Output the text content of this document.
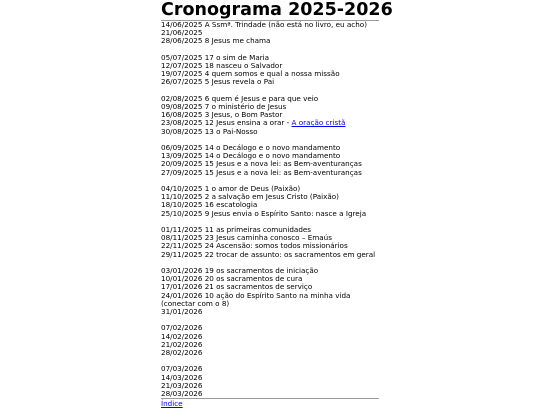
Cronograma 2025-2026
14/06/2025 A Ssmª. Trindade (não está no livro, eu acho)
21/06/2025
28/06/2025 8 Jesus me chama
05/07/2025 17 o sim de Maria
12/07/2025 18 nasceu o Salvador
19/07/2025 4 quem somos e qual a nossa missão
26/07/2025 5 Jesus revela o Pai
02/08/2025 6 quem é Jesus e para que veio
09/08/2025 7 o ministério de Jesus
16/08/2025 3 Jesus, o Bom Pastor
23/08/2025 12 Jesus ensina a orar - A oração cristã
30/08/2025 13 o Pai-Nosso
06/09/2025 14 o Decálogo e o novo mandamento
13/09/2025 14 o Decálogo e o novo mandamento
20/09/2025 15 Jesus e a nova lei: as Bem-aventuranças
27/09/2025 15 Jesus e a nova lei: as Bem-aventuranças
04/10/2025 1 o amor de Deus (Paixão)
11/10/2025 2 a salvação em Jesus Cristo (Paixão)
18/10/2025 16 escatologia
25/10/2025 9 Jesus envia o Espírito Santo: nasce a Igreja
01/11/2025 11 as primeiras comunidades
08/11/2025 23 Jesus caminha conosco – Emaús
22/11/2025 24 Ascensão: somos todos missionários
29/11/2025 22 trocar de assunto: os sacramentos em geral
03/01/2026 19 os sacramentos de iniciação
10/01/2026 20 os sacramentos de cura
17/01/2026 21 os sacramentos de serviço
24/01/2026 10 ação do Espírito Santo na minha vida (conectar com o 8)
31/01/2026
07/02/2026
14/02/2026
21/02/2026
28/02/2026
07/03/2026
14/03/2026
21/03/2026
28/03/2026
Índice
